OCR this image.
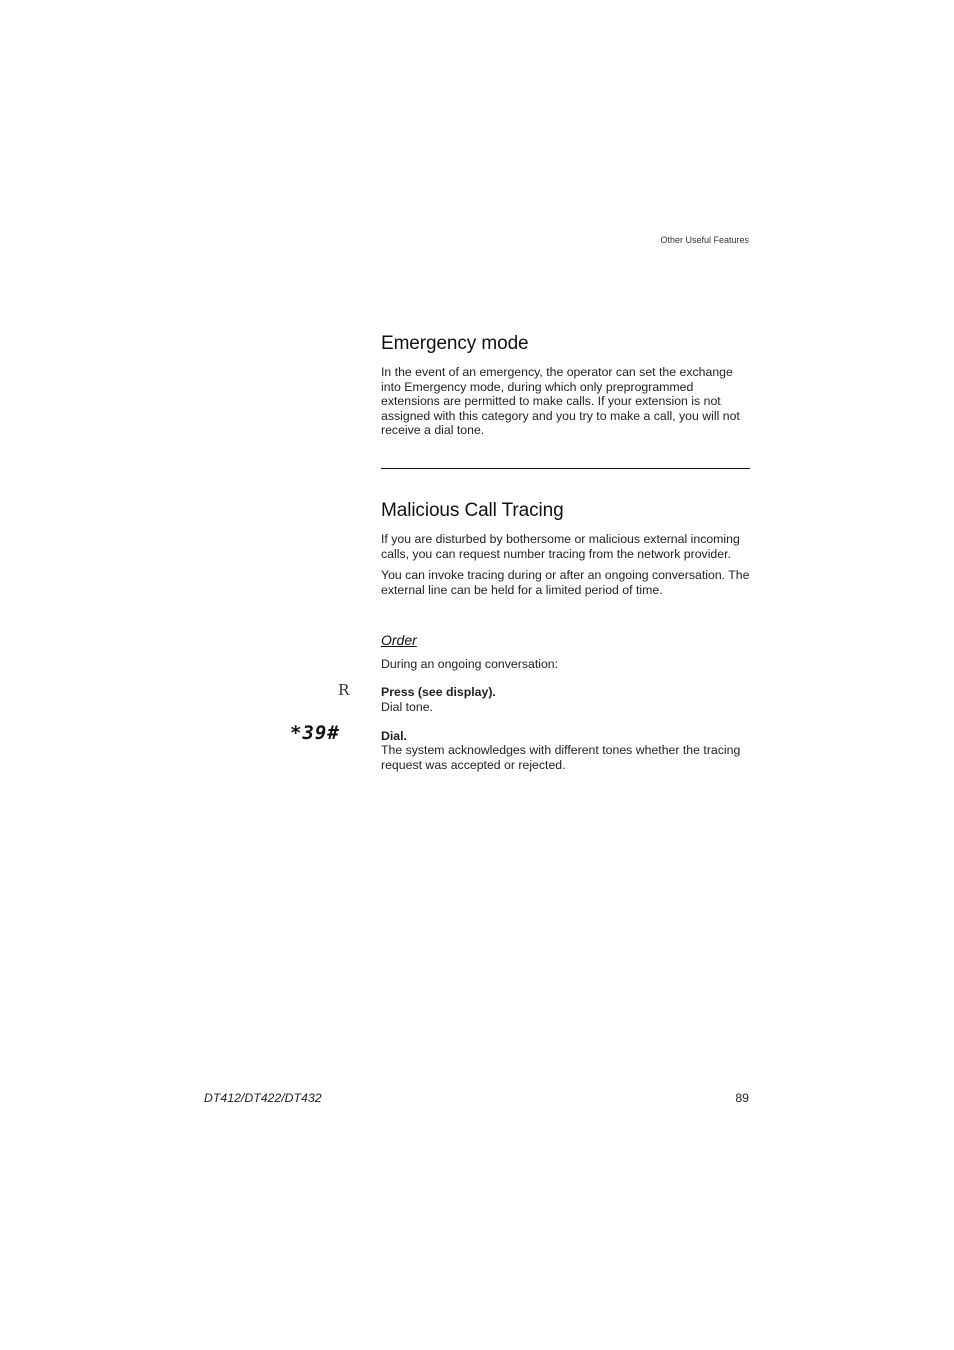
Other Useful Features
Emergency mode

In the event of an emergency, the operator can set the exchange into Emergency mode, during which only preprogrammed extensions are permitted to make calls. If your extension is not assigned with this category and you try to make a call, you will not receive a dial tone.

Malicious Call Tracing

If you are disturbed by bothersome or malicious external incoming calls, you can request number tracing from the network provider.

You can invoke tracing during or after an ongoing conversation. The external line can be held for a limited period of time.

Order

During an ongoing conversation:

R	Press (see display).
Dial tone.
*39#	Dial.
The system acknowledges with different tones whether the tracing request was accepted or rejected.
DT412/DT422/DT432	89
